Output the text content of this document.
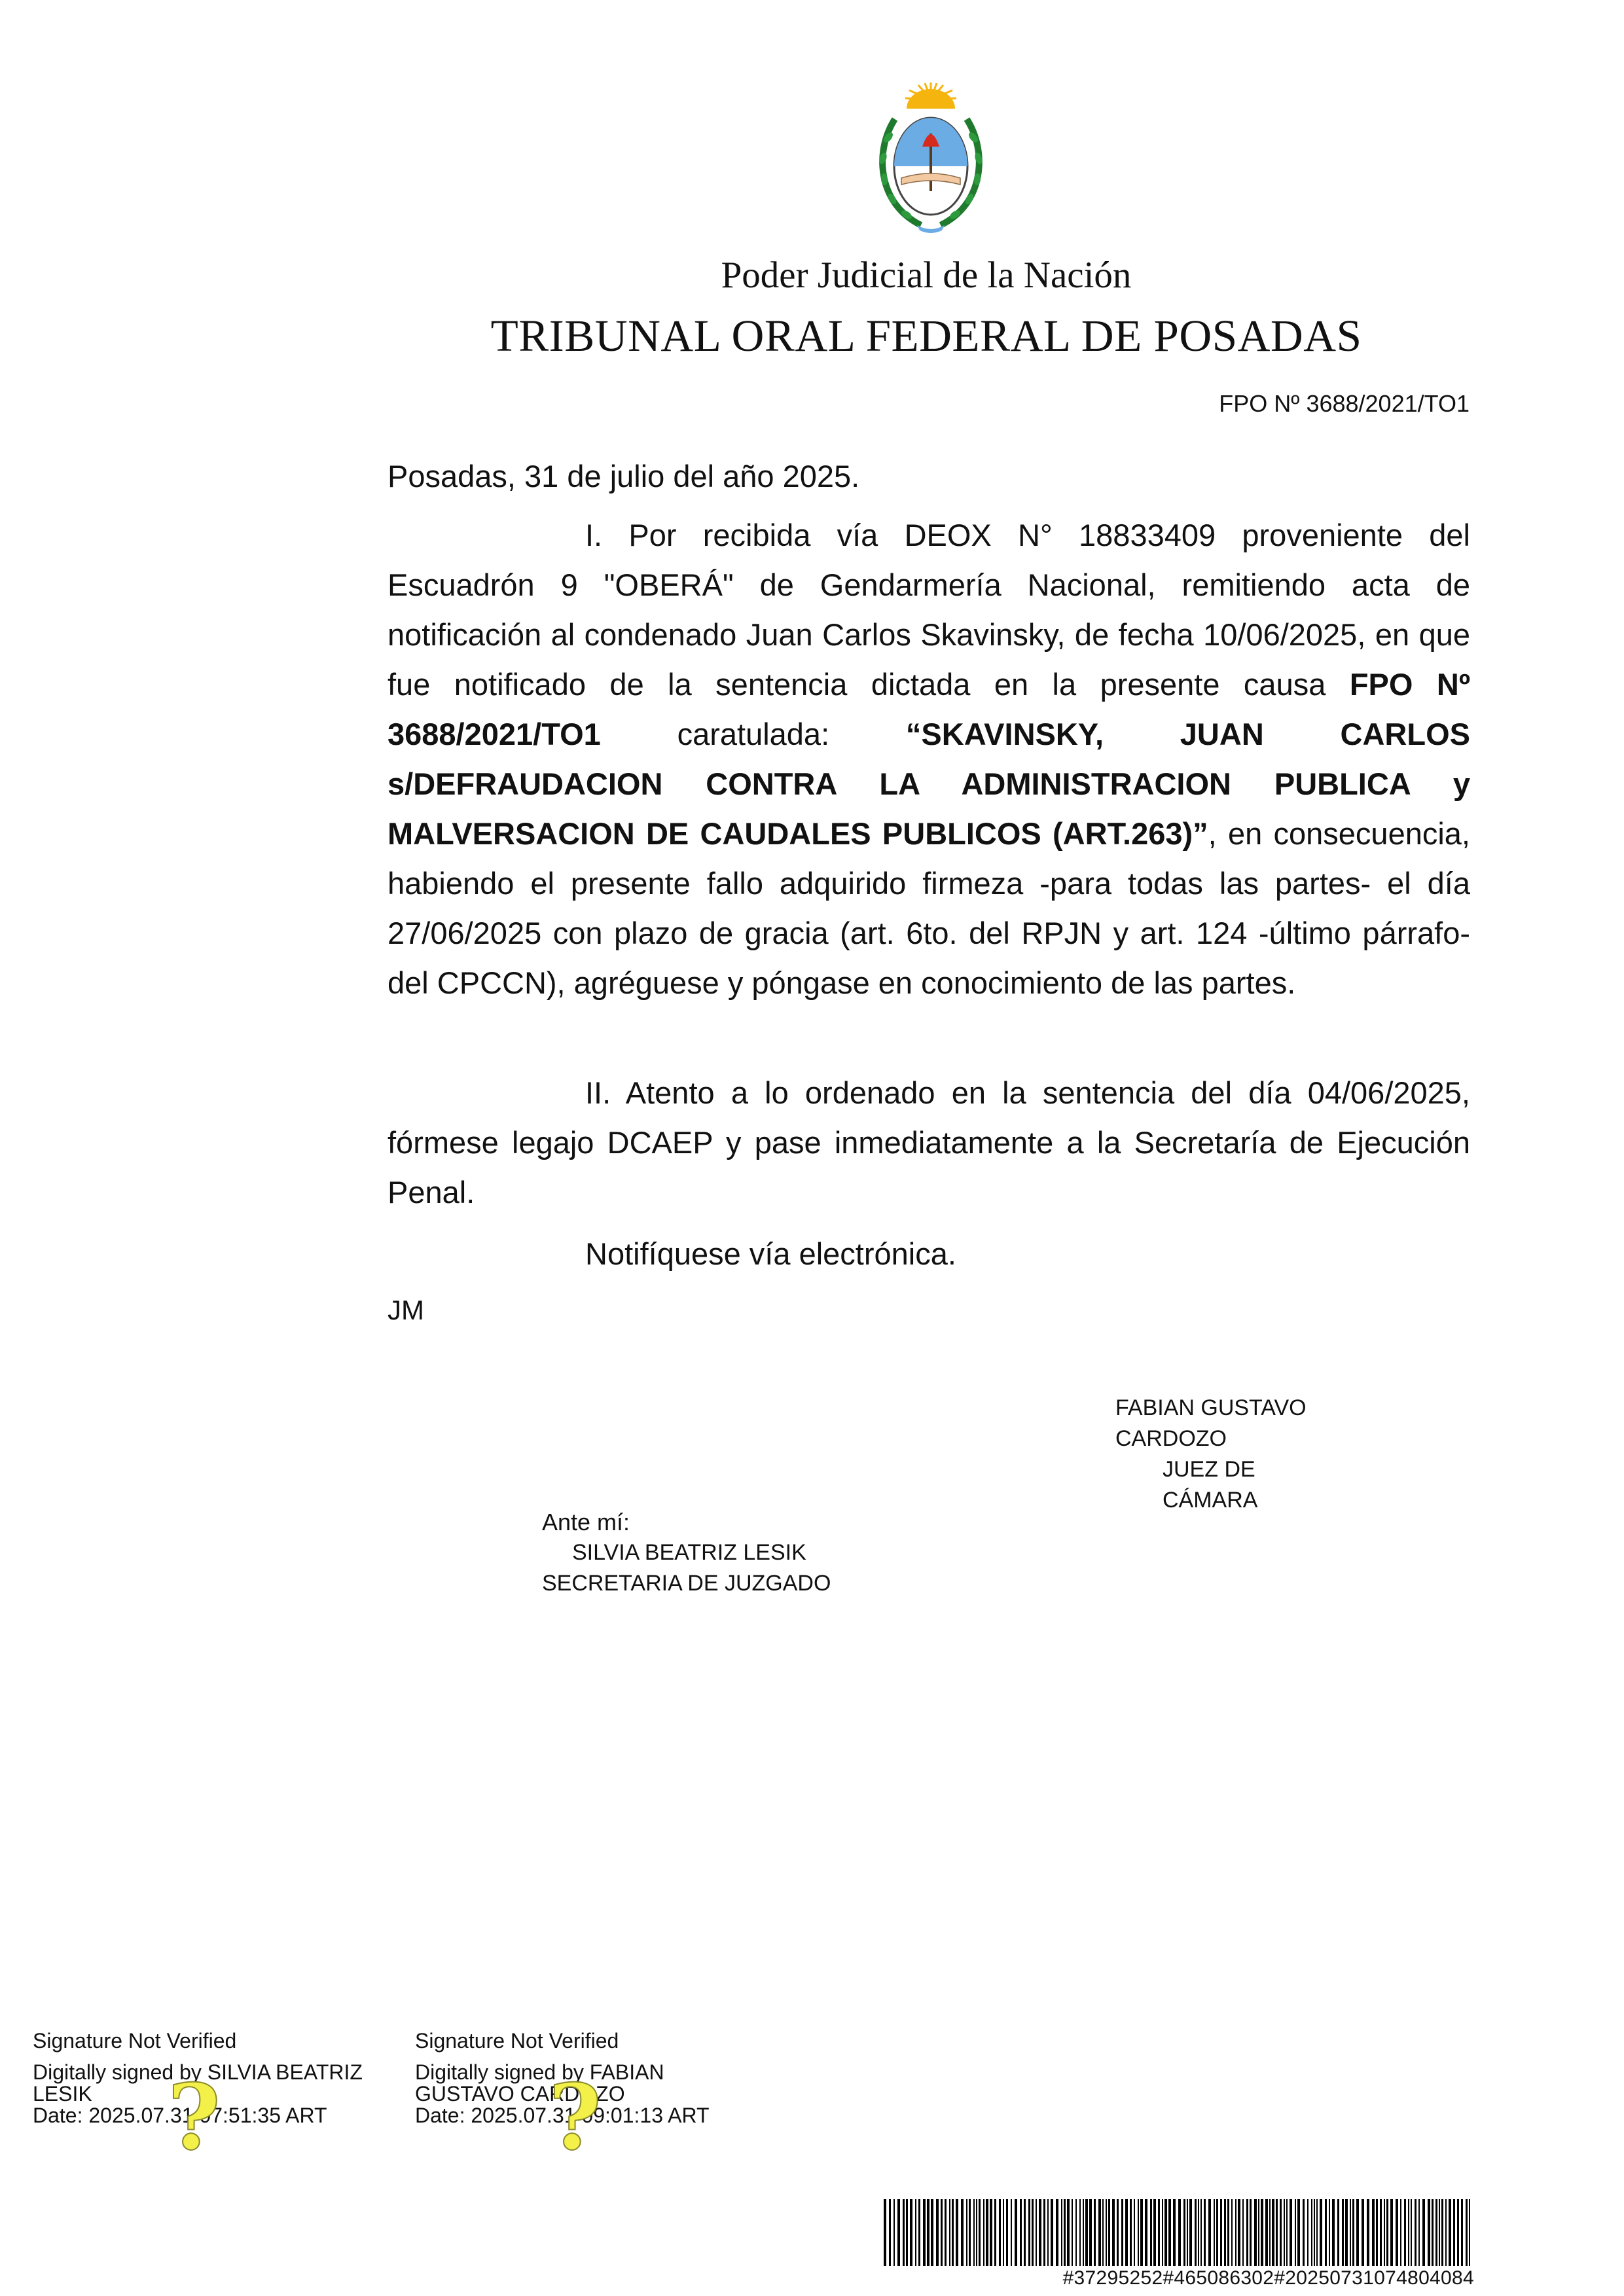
Poder Judicial de la Nación
TRIBUNAL ORAL FEDERAL DE POSADAS
FPO Nº 3688/2021/TO1
Posadas, 31 de julio del año 2025.

I. Por recibida vía DEOX N° 18833409 proveniente del Escuadrón 9 "OBERÁ" de Gendarmería Nacional, remitiendo acta de notificación al condenado Juan Carlos Skavinsky, de fecha 10/06/2025, en que fue notificado de la sentencia dictada en la presente causa FPO Nº 3688/2021/TO1 caratulada: “SKAVINSKY, JUAN CARLOS s/DEFRAUDACION CONTRA LA ADMINISTRACION PUBLICA y MALVERSACION DE CAUDALES PUBLICOS (ART.263)”, en consecuencia, habiendo el presente fallo adquirido firmeza -para todas las partes- el día 27/06/2025 con plazo de gracia (art. 6to. del RPJN y art. 124 -último párrafo- del CPCCN), agréguese y póngase en conocimiento de las partes.

II. Atento a lo ordenado en la sentencia del día 04/06/2025, fórmese legajo DCAEP y pase inmediatamente a la Secretaría de Ejecución Penal.

Notifíquese vía electrónica.

JM
FABIAN GUSTAVO CARDOZO
JUEZ DE CÁMARA
Ante mí:
SILVIA BEATRIZ LESIK
SECRETARIA DE JUZGADO
Signature Not Verified
Digitally signed by SILVIA BEATRIZ
LESIK
Date: 2025.07.31 07:51:35 ART
?
Signature Not Verified
Digitally signed by FABIAN
GUSTAVO CARDOZO
Date: 2025.07.31 09:01:13 ART
?
#37295252#465086302#20250731074804084
